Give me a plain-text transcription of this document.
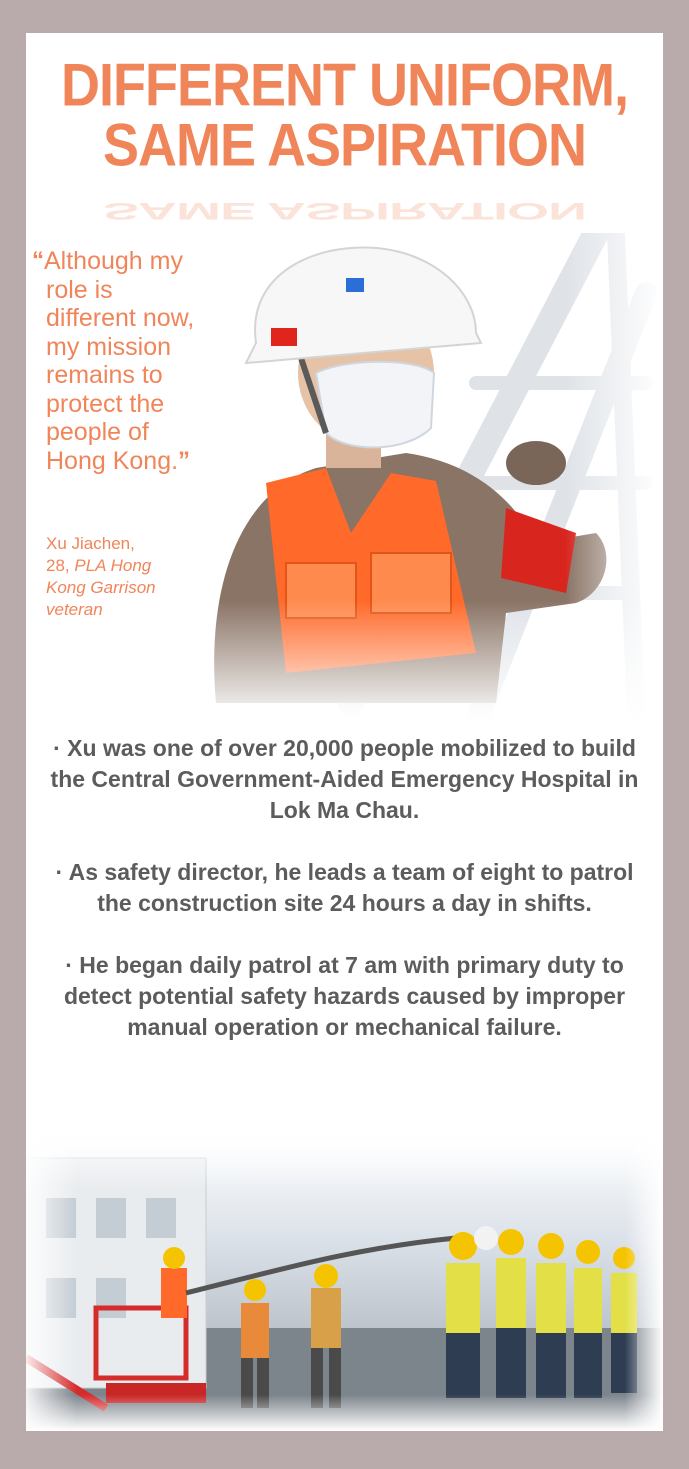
DIFFERENT UNIFORM,
SAME ASPIRATION
SAME ASPIRATION
“Although my role is different now, my mission remains to protect the people of Hong Kong.”
Xu Jiachen,
28, PLA Hong Kong Garrison veteran

· Xu was one of over 20,000 people mobilized to build the Central Government-Aided Emergency Hospital in Lok Ma Chau.

· As safety director, he leads a team of eight to patrol the construction site 24 hours a day in shifts.

· He began daily patrol at 7 am with primary duty to detect potential safety hazards caused by improper manual operation or mechanical failure.
